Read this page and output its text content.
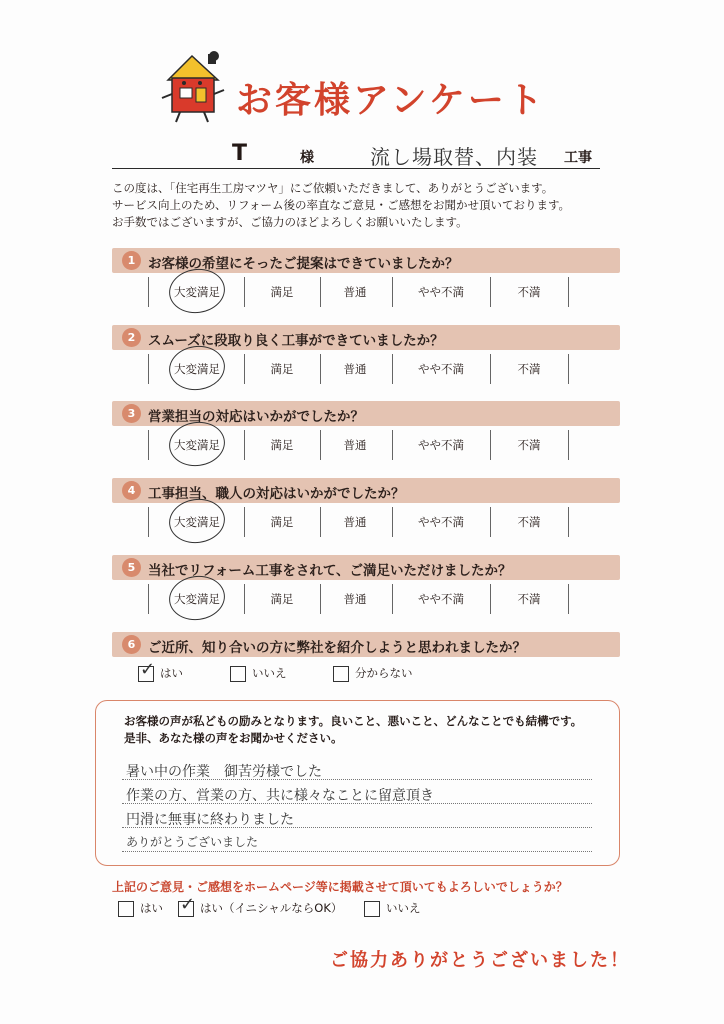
お客様アンケート
T	様	流し場取替、内装 工事
この度は、「住宅再生工房マツヤ」にご依頼いただきまして、ありがとうございます。
サービス向上のため、リフォーム後の率直なご意見・ご感想をお聞かせ頂いております。
お手数ではございますが、ご協力のほどよろしくお願いいたします。
1 お客様の希望にそったご提案はできていましたか？
大変満足	満足	普通	やや不満	不満
2 スムーズに段取り良く工事ができていましたか？
大変満足	満足	普通	やや不満	不満
3 営業担当の対応はいかがでしたか？
大変満足	満足	普通	やや不満	不満
4 工事担当、職人の対応はいかがでしたか？
大変満足	満足	普通	やや不満	不満
5 当社でリフォーム工事をされて、ご満足いただけましたか？
大変満足	満足	普通	やや不満	不満
6 ご近所、知り合いの方に弊社を紹介しようと思われましたか？
✓ はい	いいえ	分からない
お客様の声が私どもの励みとなります。良いこと、悪いこと、どんなことでも結構です。
是非、あなた様の声をお聞かせください。
暑い中の作業　御苦労様でした
作業の方、営業の方、共に様々なことに留意頂き
円滑に無事に終わりました
ありがとうございました
上記のご意見・ご感想をホームページ等に掲載させて頂いてもよろしいでしょうか？
はい ✓ はい（イニシャルならOK）	いいえ
ご協力ありがとうございました！
